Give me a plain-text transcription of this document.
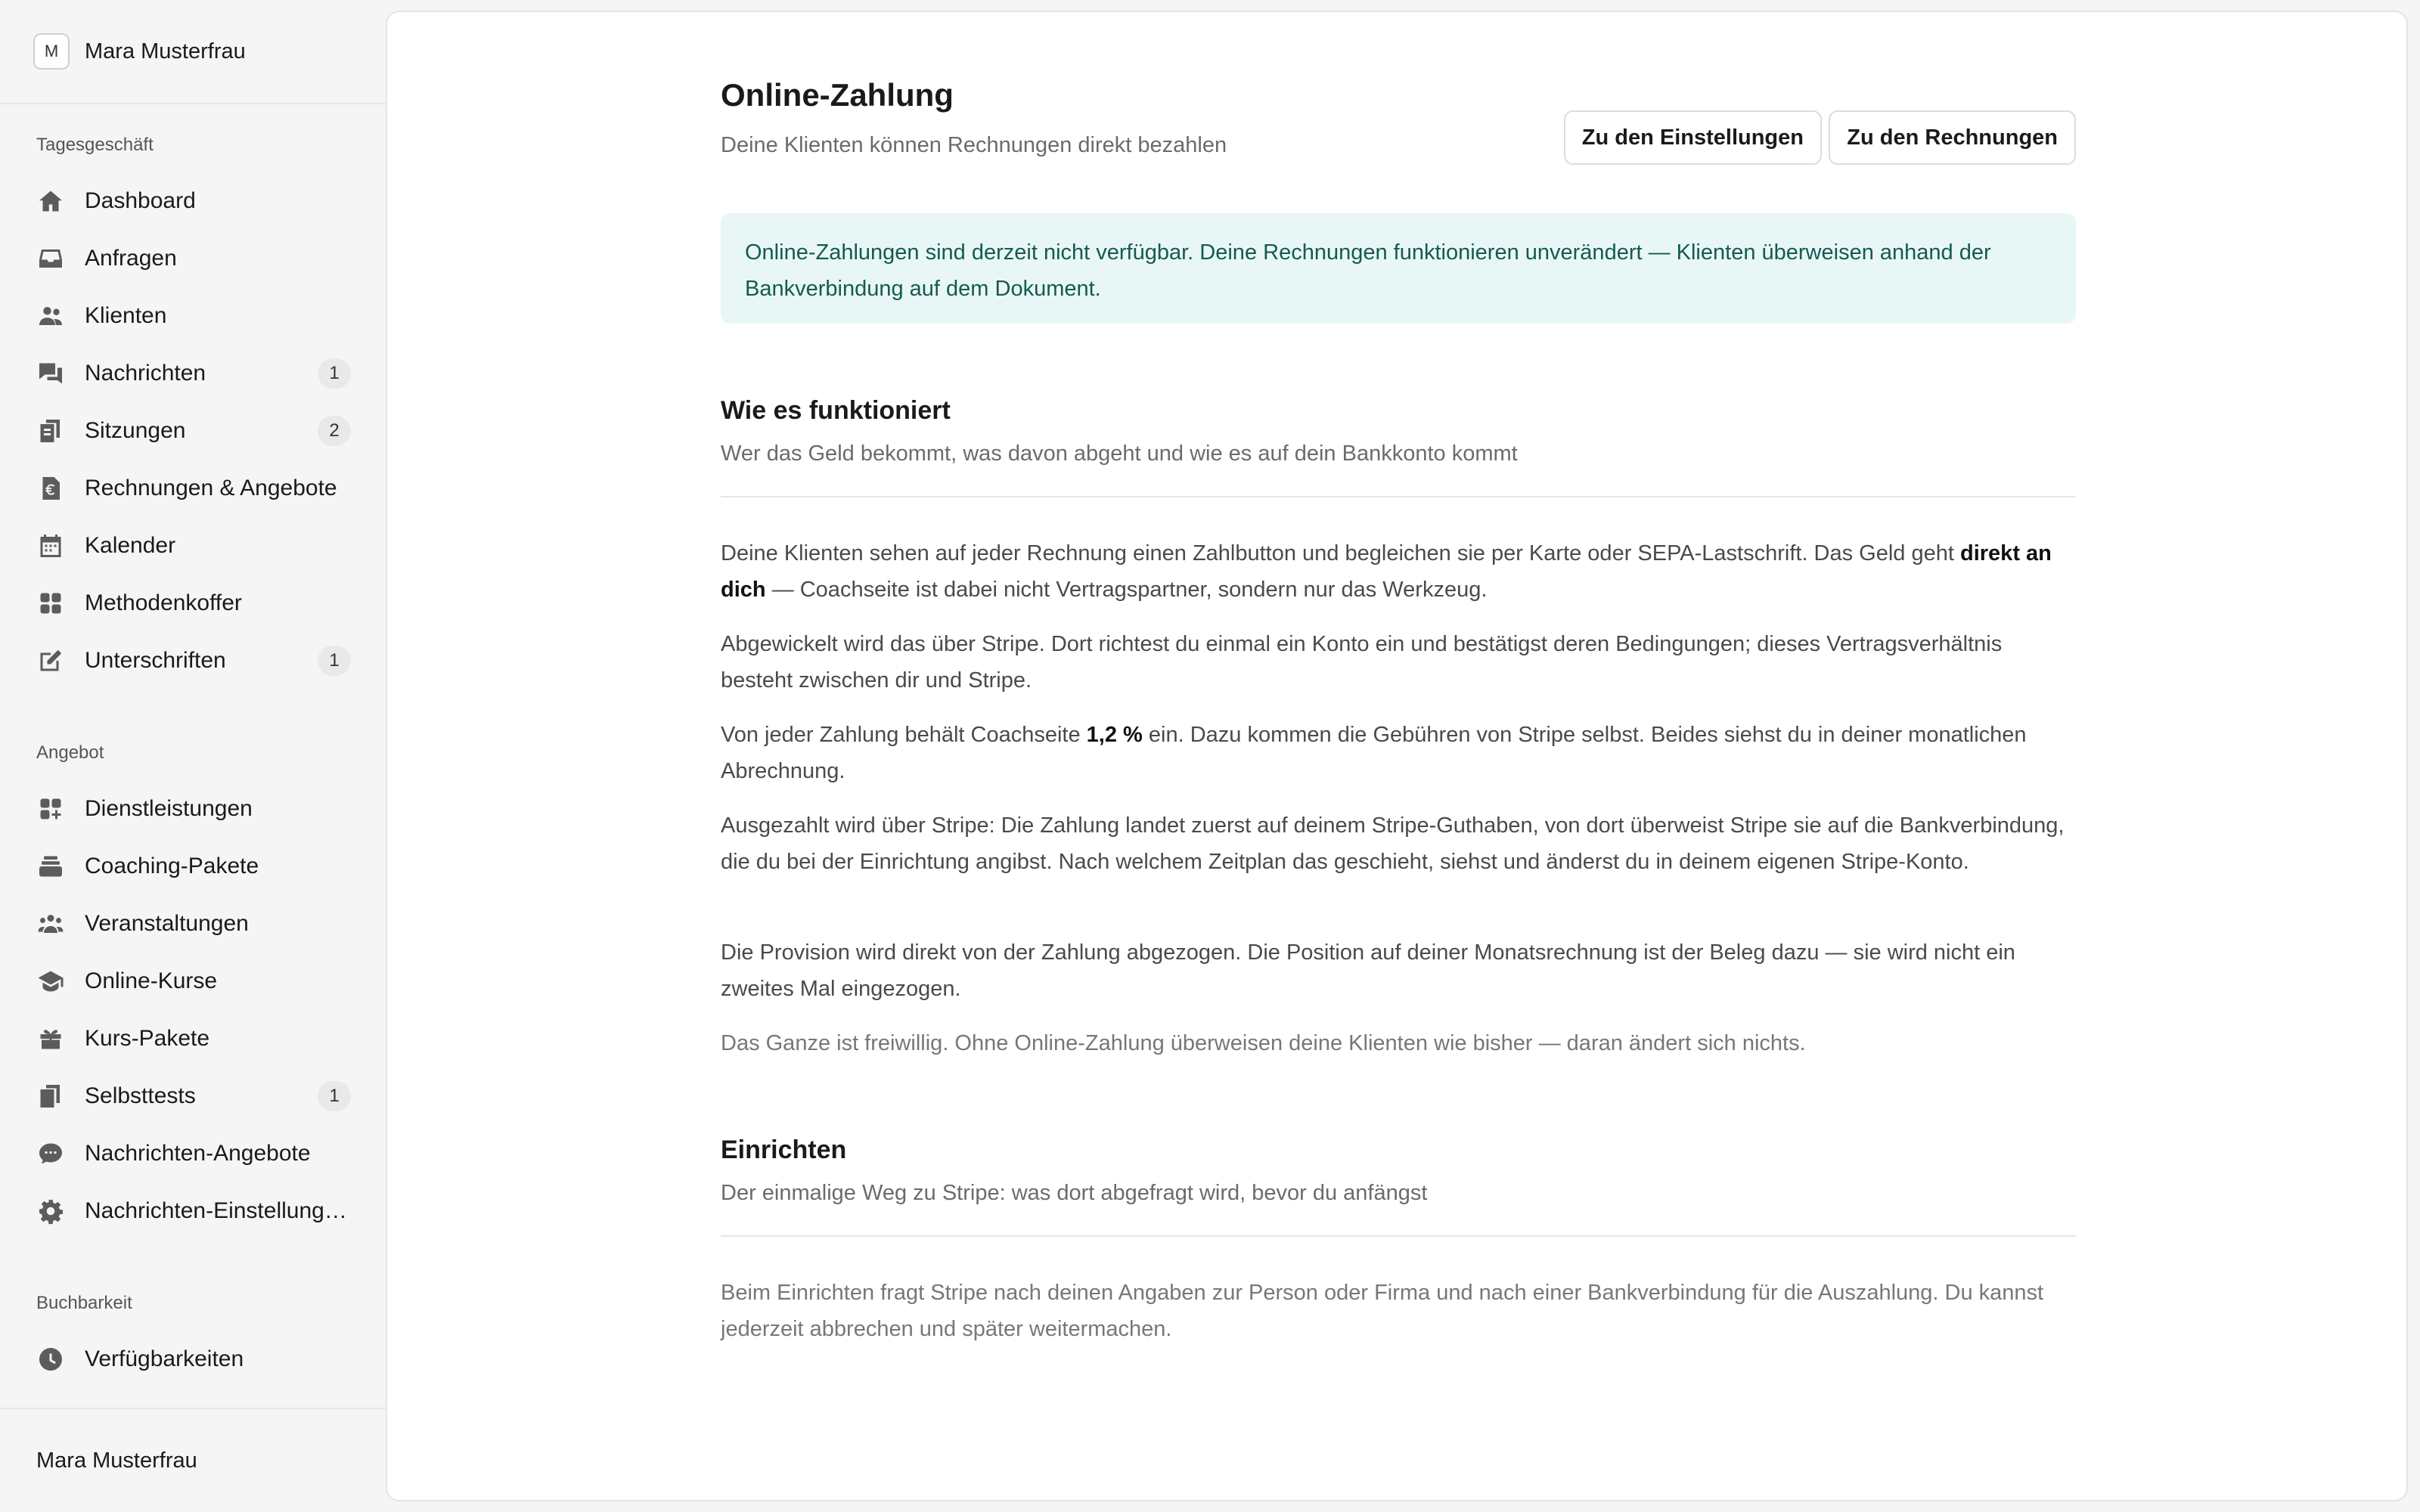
M	Mara Musterfrau
Tagesgeschäft
Dashboard
Anfragen
Klienten
Nachrichten	1
Sitzungen	2
Rechnungen & Angebote
Kalender
Methodenkoffer
Unterschriften	1
Angebot
Dienstleistungen
Coaching-Pakete
Veranstaltungen
Online-Kurse
Kurs-Pakete
Selbsttests	1
Nachrichten-Angebote
Nachrichten-Einstellungen
Buchbarkeit
Verfügbarkeiten
Mara Musterfrau
Online-Zahlung

Deine Klienten können Rechnungen direkt bezahlen	Zu den Einstellungen	Zu den Rechnungen
Online-Zahlungen sind derzeit nicht verfügbar. Deine Rechnungen funktionieren unverändert — Klienten überweisen anhand der Bankverbindung auf dem Dokument.
Wie es funktioniert

Wer das Geld bekommt, was davon abgeht und wie es auf dein Bankkonto kommt

Deine Klienten sehen auf jeder Rechnung einen Zahlbutton und begleichen sie per Karte oder SEPA-Lastschrift. Das Geld geht direkt an dich — Coachseite ist dabei nicht Vertragspartner, sondern nur das Werkzeug.

Abgewickelt wird das über Stripe. Dort richtest du einmal ein Konto ein und bestätigst deren Bedingungen; dieses Vertragsverhältnis besteht zwischen dir und Stripe.

Von jeder Zahlung behält Coachseite 1,2 % ein. Dazu kommen die Gebühren von Stripe selbst. Beides siehst du in deiner monatlichen Abrechnung.

Ausgezahlt wird über Stripe: Die Zahlung landet zuerst auf deinem Stripe-Guthaben, von dort überweist Stripe sie auf die Bankverbindung, die du bei der Einrichtung angibst. Nach welchem Zeitplan das geschieht, siehst und änderst du in deinem eigenen Stripe-Konto.

Die Provision wird direkt von der Zahlung abgezogen. Die Position auf deiner Monatsrechnung ist der Beleg dazu — sie wird nicht ein zweites Mal eingezogen.

Das Ganze ist freiwillig. Ohne Online-Zahlung überweisen deine Klienten wie bisher — daran ändert sich nichts.

Einrichten

Der einmalige Weg zu Stripe: was dort abgefragt wird, bevor du anfängst

Beim Einrichten fragt Stripe nach deinen Angaben zur Person oder Firma und nach einer Bankverbindung für die Auszahlung. Du kannst jederzeit abbrechen und später weitermachen.
